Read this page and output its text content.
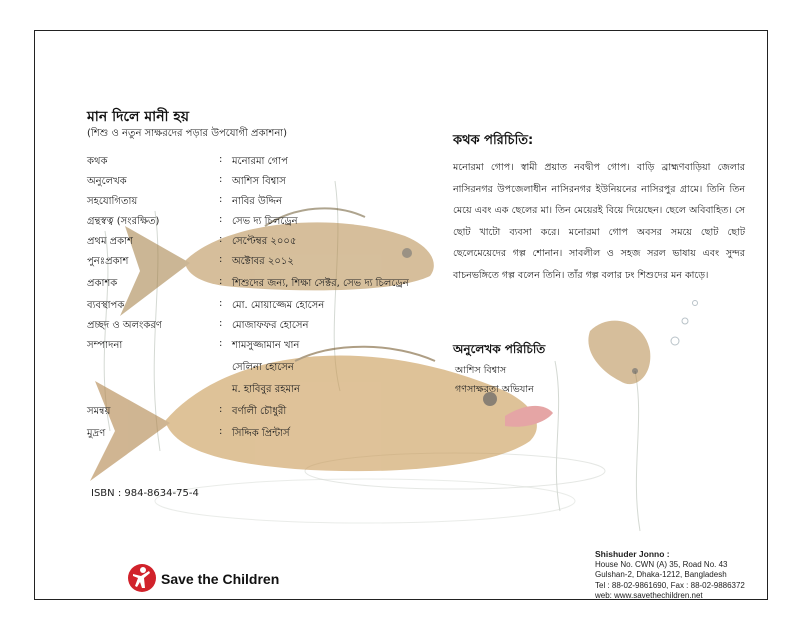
মান দিলে মানী হয়
(শিশু ও নতুন সাক্ষরদের পড়ার উপযোগী প্রকাশনা)
কথক	: মনোরমা গোপ
অনুলেখক	: আশিস বিশ্বাস
সহযোগিতায়	: নাবির উদ্দিন
গ্রন্থস্বত্ব (সংরক্ষিত)	: সেভ দ্য চিলড্রেন
প্রথম প্রকাশ	: সেপ্টেম্বর ২০০৫
পুনঃপ্রকাশ	: অক্টোবর ২০১২
প্রকাশক	: শিশুদের জন্য, শিক্ষা সেক্টর, সেভ দ্য চিলড্রেন
ব্যবস্থাপক	: মো. মোয়াজ্জেম হোসেন
প্রচ্ছদ ও অলংকরণ	: মোজাফফর হোসেন
সম্পাদনা	: শামসুজ্জামান খান
সেলিনা হোসেন
ম. হাবিবুর রহমান
সমন্বয়	: বর্ণালী চৌধুরী
মুদ্রণ	: সিদ্দিক প্রিন্টার্স
ISBN : 984-8634-75-4
কথক পরিচিতি:
মনোরমা গোপ। স্বামী প্রয়াত নবদ্বীপ গোপ। বাড়ি ব্রাহ্মণবাড়িয়া জেলার নাসিরনগর উপজেলাধীন নাসিরনগর ইউনিয়নের নাসিরপুর গ্রামে। তিনি তিন মেয়ে এবং এক ছেলের মা। তিন মেয়েরই বিয়ে দিয়েছেন। ছেলে অবিবাহিত। সে ছোট খাটো ব্যবসা করে। মনোরমা গোপ অবসর সময়ে ছোট ছোট ছেলেমেয়েদের গল্প শোনান। সাবলীল ও সহজ সরল ভাষায় এবং সুন্দর বাচনভঙ্গিতে গল্প বলেন তিনি। তাঁর গল্প বলার ঢং শিশুদের মন কাড়ে।
অনুলেখক পরিচিতি
আশিস বিশ্বাস
গণসাক্ষরতা অভিযান
Save the Children
Shishuder Jonno :
House No. CWN (A) 35, Road No. 43
Gulshan-2, Dhaka-1212, Bangladesh
Tel : 88-02-9861690, Fax : 88-02-9886372
web: www.savethechildren.net
